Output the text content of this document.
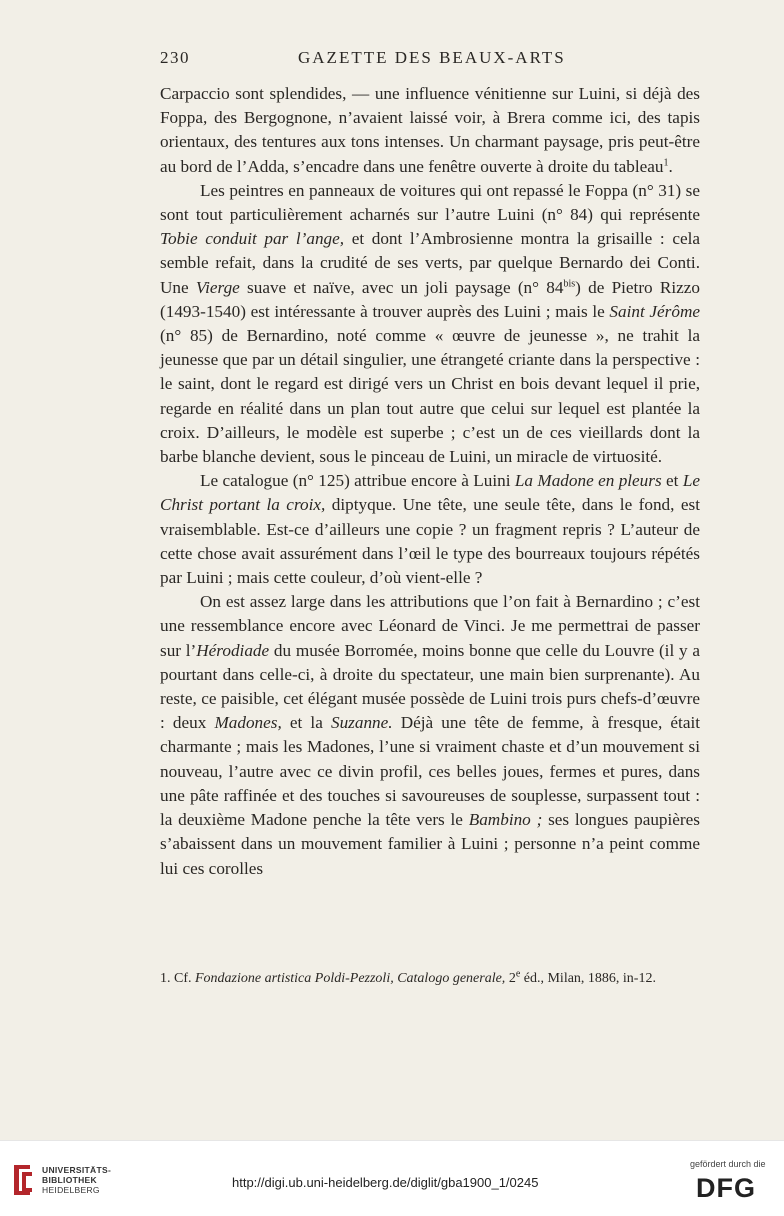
230	GAZETTE DES BEAUX-ARTS

Carpaccio sont splendides, — une influence vénitienne sur Luini, si déjà des Foppa, des Bergognone, n’avaient laissé voir, à Brera comme ici, des tapis orientaux, des tentures aux tons intenses. Un charmant paysage, pris peut-être au bord de l’Adda, s’encadre dans une fenêtre ouverte à droite du tableau$^1$.

Les peintres en panneaux de voitures qui ont repassé le Foppa (n° 31) se sont tout particulièrement acharnés sur l’autre Luini (n° 84) qui représente Tobie conduit par l’ange, et dont l’Ambrosienne montra la grisaille : cela semble refait, dans la crudité de ses verts, par quelque Bernardo dei Conti. Une Vierge suave et naïve, avec un joli paysage (n° $84^{bis}$) de Pietro Rizzo (1493-1540) est intéressante à trouver auprès des Luini ; mais le Saint Jérôme (n° 85) de Bernardino, noté comme « œuvre de jeunesse », ne trahit la jeunesse que par un détail singulier, une étrangeté criante dans la perspective : le saint, dont le regard est dirigé vers un Christ en bois devant lequel il prie, regarde en réalité dans un plan tout autre que celui sur lequel est plantée la croix. D’ailleurs, le modèle est superbe ; c’est un de ces vieillards dont la barbe blanche devient, sous le pinceau de Luini, un miracle de virtuosité.

Le catalogue (n° 125) attribue encore à Luini La Madone en pleurs et Le Christ portant la croix, diptyque. Une tête, une seule tête, dans le fond, est vraisemblable. Est-ce d’ailleurs une copie ? un fragment repris ? L’auteur de cette chose avait assurément dans l’œil le type des bourreaux toujours répétés par Luini ; mais cette couleur, d’où vient-elle ?

On est assez large dans les attributions que l’on fait à Bernardino ; c’est une ressemblance encore avec Léonard de Vinci. Je me permettrai de passer sur l’Hérodiade du musée Borromée, moins bonne que celle du Louvre (il y a pourtant dans celle-ci, à droite du spectateur, une main bien surprenante). Au reste, ce paisible, cet élégant musée possède de Luini trois purs chefs-d’œuvre : deux Madones, et la Suzanne. Déjà une tête de femme, à fresque, était charmante ; mais les Madones, l’une si vraiment chaste et d’un mouvement si nouveau, l’autre avec ce divin profil, ces belles joues, fermes et pures, dans une pâte raffinée et des touches si savoureuses de souplesse, surpassent tout : la deuxième Madone penche la tête vers le Bambino ; ses longues paupières s’abaissent dans un mouvement familier à Luini ; personne n’a peint comme lui ces corolles

1. Cf. Fondazione artistica Poldi-Pezzoli, Catalogo generale, 2e éd., Milan, 1886, in-12.
UNIVERSITÄTS-
BIBLIOTHEK
HEIDELBERG	http://digi.ub.uni-heidelberg.de/diglit/gba1900_1/0245
gefördert durch die
DFG
